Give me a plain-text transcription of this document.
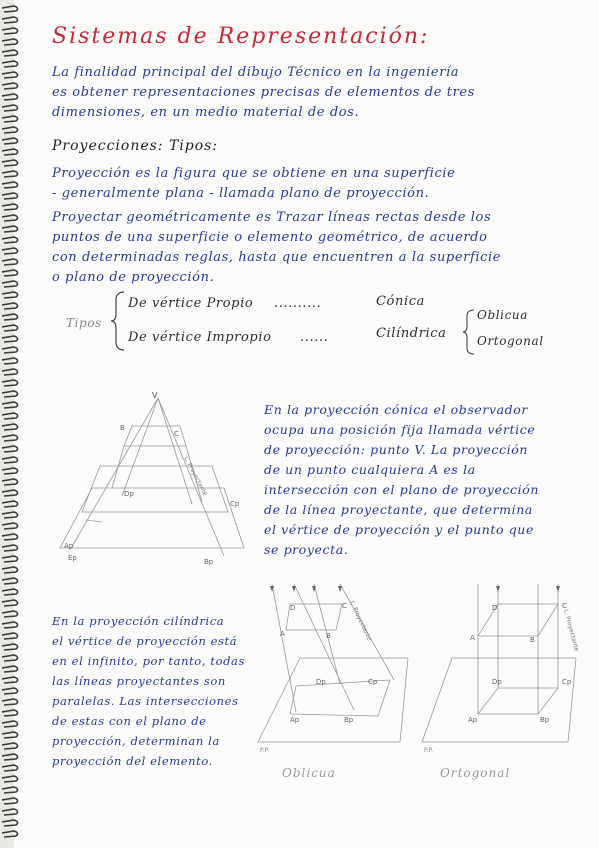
Sistemas de Representación:
La finalidad principal del dibujo Técnico en la ingeniería
es obtener representaciones precisas de elementos de tres
dimensiones, en un medio material de dos.
Proyecciones: Tipos:
Proyección es la figura que se obtiene en una superficie
- generalmente plana - llamada plano de proyección.
Proyectar geométricamente es Trazar líneas rectas desde los
puntos de una superficie o elemento geométrico, de acuerdo
con determinadas reglas, hasta que encuentren a la superficie
o plano de proyección.
Tipos
De vértice Propio ..........	Cónica
De vértice Impropio ......	Cilíndrica
Oblicua
Ortogonal
V
B
C
Dp
Cp
Ap
Ep	Bp
L. Proyectante
En la proyección cónica el observador
ocupa una posición fija llamada vértice
de proyección: punto V. La proyección
de un punto cualquiera A es la
intersección con el plano de proyección
de la línea proyectante, que determina
el vértice de proyección y el punto que
se proyecta.
En la proyección cilíndrica
el vértice de proyección está
en el infinito, por tanto, todas
las líneas proyectantes son
paralelas. Las intersecciones
de estas con el plano de
proyección, determinan la
proyección del elemento.
D	C
A	B
Dp	Cp
Ap	Bp
P.P.
L. Proyectante	D	C
A	B
Dp	Cp
Ap	Bp
P.P.
L. Proyectante
Oblicua	Ortogonal
